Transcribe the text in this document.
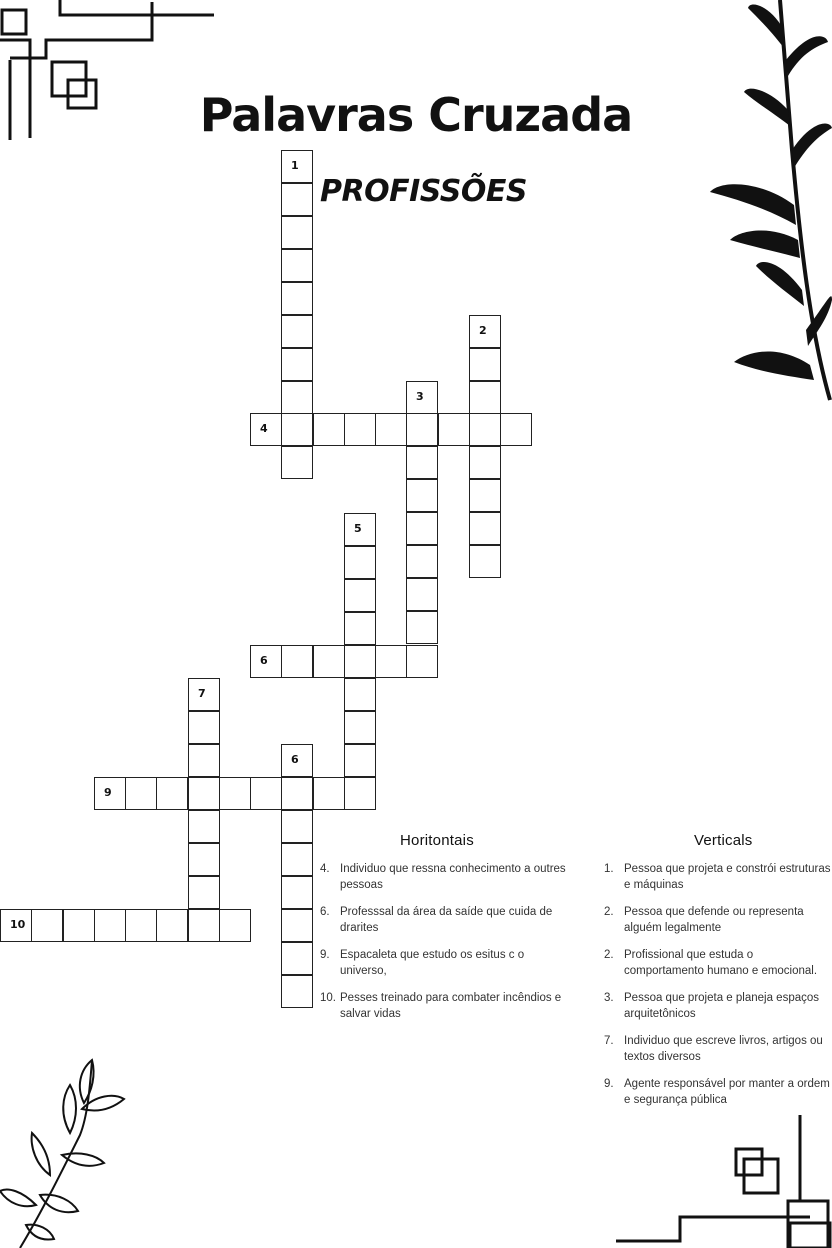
Palavras Cruzada
PROFISSÕES
1
2
3
4
5
6
7
6
9
10
Horitontais
4. Individuo que ressna conhecimento a outres pessoas
6. Professsal da área da saíde que cuida de drarites
9. Espacaleta que estudo os esitus c o universo,
10. Pesses treinado para combater incêndios e salvar vidas
Verticals
1. Pessoa que projeta e constrói estruturas e máquinas
2. Pessoa que defende ou representa alguém legalmente
2. Profissional que estuda o comportamento humano e emocional.
3. Pessoa que projeta e planeja espaços arquitetônicos
7. Individuo que escreve livros, artigos ou textos diversos
9. Agente responsável por manter a ordem e segurança pública
